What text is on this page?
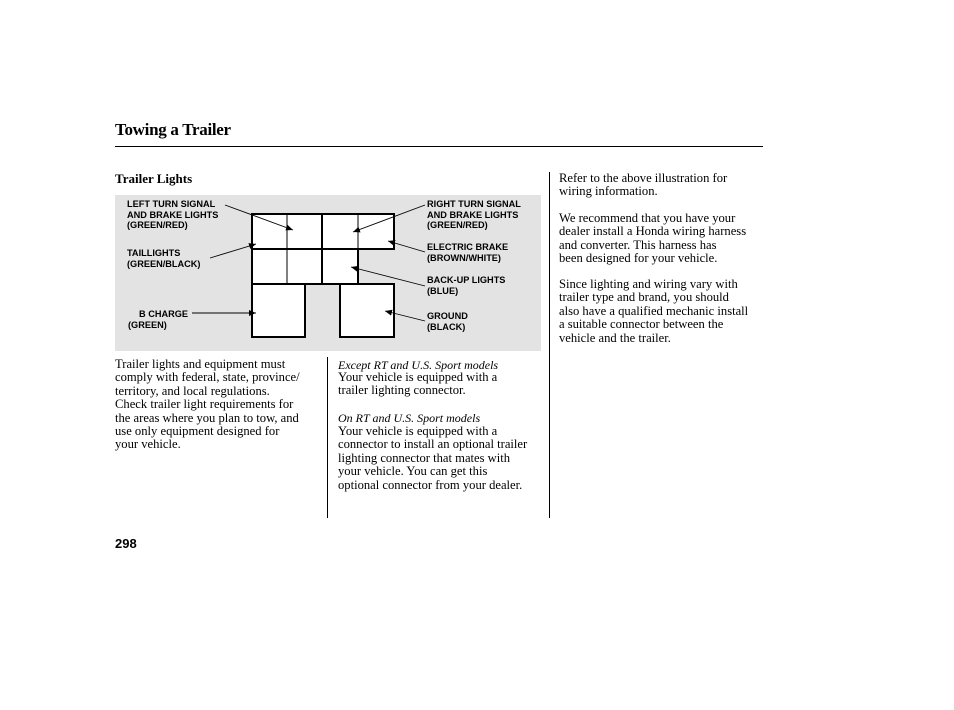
Towing a Trailer
Trailer Lights
LEFT TURN SIGNAL
AND BRAKE LIGHTS
(GREEN/RED)
TAILLIGHTS
(GREEN/BLACK)
B CHARGE
(GREEN)
RIGHT TURN SIGNAL
AND BRAKE LIGHTS
(GREEN/RED)
ELECTRIC BRAKE
(BROWN/WHITE)
BACK-UP LIGHTS
(BLUE)
GROUND
(BLACK)
Trailer lights and equipment must
comply with federal, state, province/
territory, and local regulations.
Check trailer light requirements for
the areas where you plan to tow, and
use only equipment designed for
your vehicle.
Except RT and U.S. Sport models
Your vehicle is equipped with a
trailer lighting connector.
On RT and U.S. Sport models
Your vehicle is equipped with a
connector to install an optional trailer
lighting connector that mates with
your vehicle. You can get this
optional connector from your dealer.
Refer to the above illustration for
wiring information.
We recommend that you have your
dealer install a Honda wiring harness
and converter. This harness has
been designed for your vehicle.
Since lighting and wiring vary with
trailer type and brand, you should
also have a qualified mechanic install
a suitable connector between the
vehicle and the trailer.
298
